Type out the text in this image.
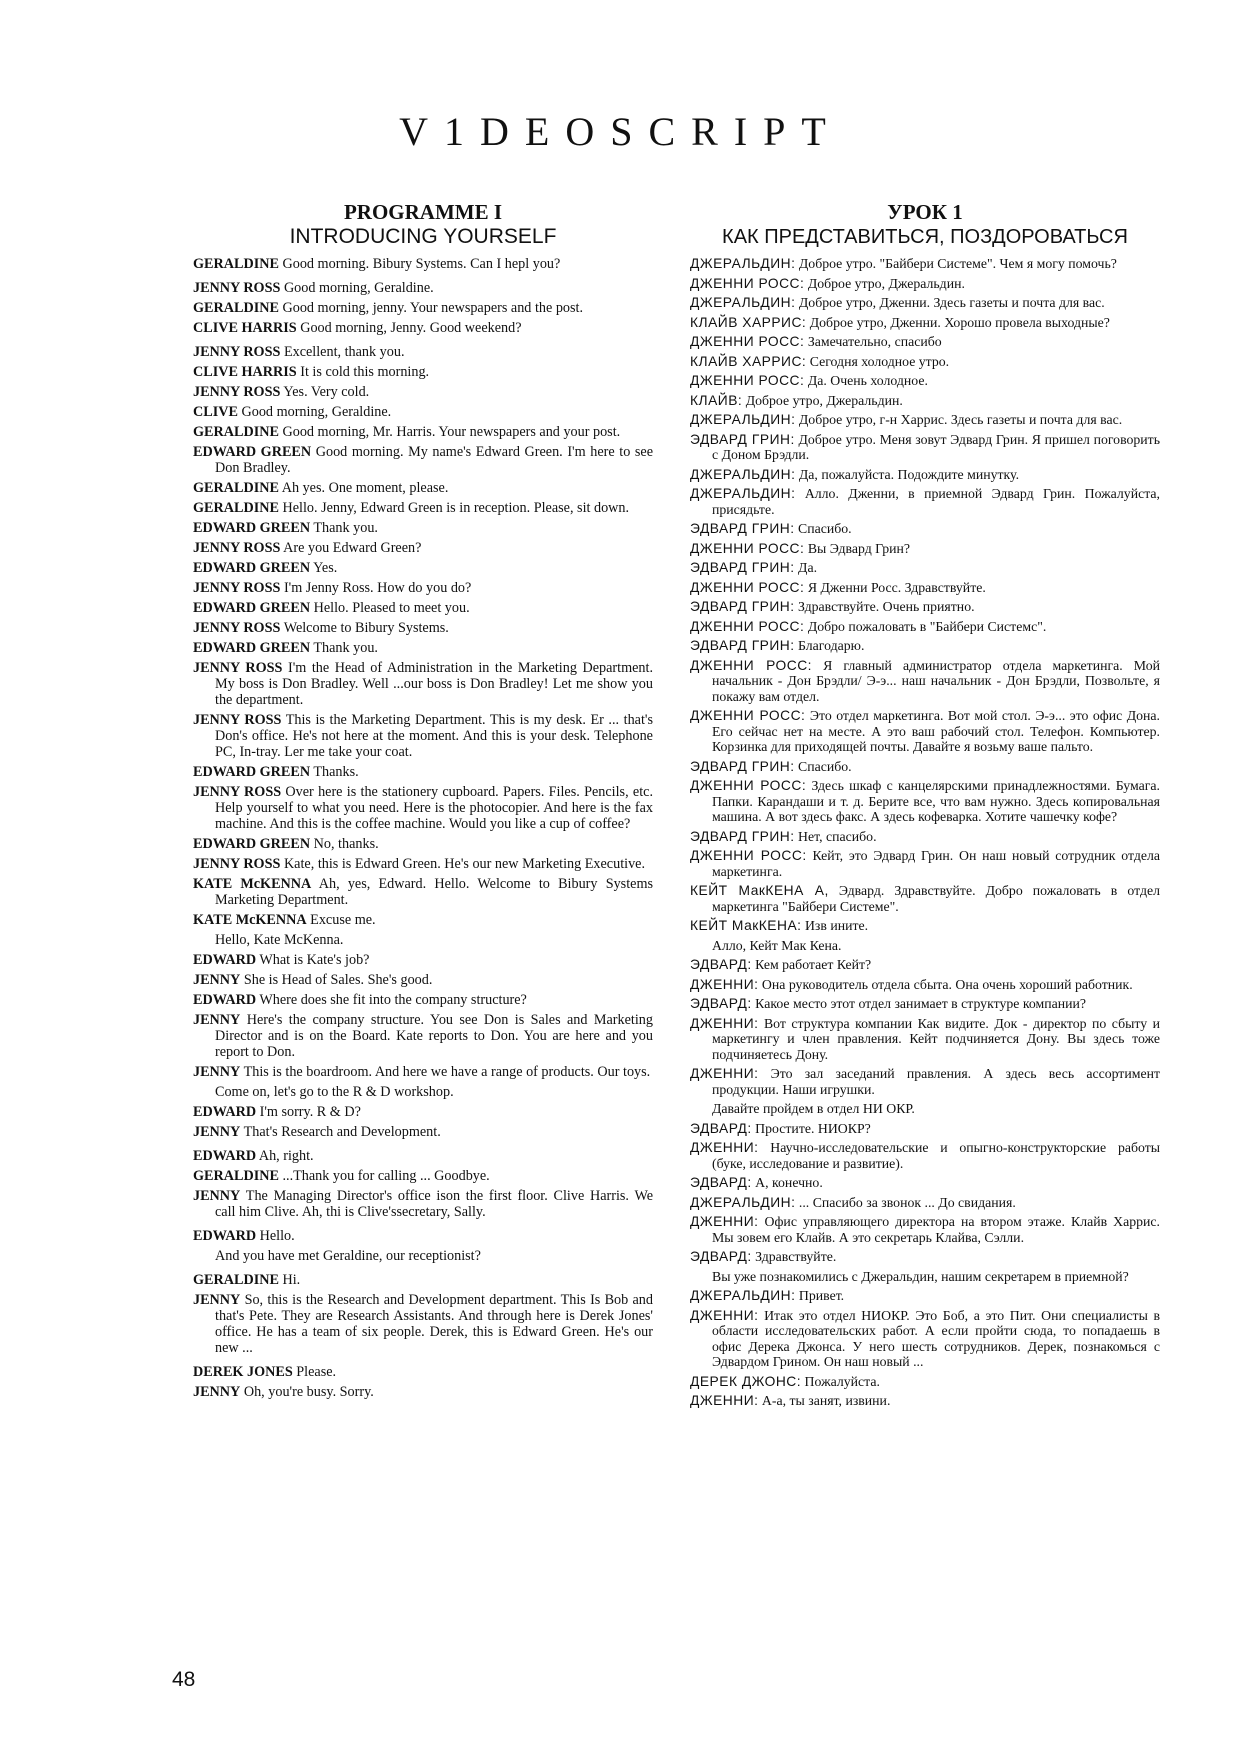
V1DEOSCRIPT
PROGRAMME I
INTRODUCING YOURSELF
GERALDINE Good morning. Bibury Systems. Can I hepl you?
JENNY ROSS Good morning, Geraldine.
GERALDINE Good morning, jenny. Your newspapers and the post.
CLIVE HARRIS Good morning, Jenny. Good weekend?
JENNY ROSS Excellent, thank you.
CLIVE HARRIS It is cold this morning.
JENNY ROSS Yes. Very cold.
CLIVE Good morning, Geraldine.
GERALDINE Good morning, Mr. Harris. Your newspapers and your post.
EDWARD GREEN Good morning. My name's Edward Green. I'm here to see Don Bradley.
GERALDINE Ah yes. One moment, please.
GERALDINE Hello. Jenny, Edward Green is in reception. Please, sit down.
EDWARD GREEN Thank you.
JENNY ROSS Are you Edward Green?
EDWARD GREEN Yes.
JENNY ROSS I'm Jenny Ross. How do you do?
EDWARD GREEN Hello. Pleased to meet you.
JENNY ROSS Welcome to Bibury Systems.
EDWARD GREEN Thank you.
JENNY ROSS I'm the Head of Administration in the Marketing Department. My boss is Don Bradley. Well ...our boss is Don Bradley! Let me show you the department.
JENNY ROSS This is the Marketing Department. This is my desk. Er ... that's Don's office. He's not here at the moment. And this is your desk. Telephone PC, In-tray. Ler me take your coat.
EDWARD GREEN Thanks.
JENNY ROSS Over here is the stationery cupboard. Papers. Files. Pencils, etc. Help yourself to what you need. Here is the photocopier. And here is the fax machine. And this is the coffee machine. Would you like a cup of coffee?
EDWARD GREEN No, thanks.
JENNY ROSS Kate, this is Edward Green. He's our new Marketing Executive.
KATE McKENNA Ah, yes, Edward. Hello. Welcome to Bibury Systems Marketing Department.
KATE McKENNA Excuse me.
Hello, Kate McKenna.
EDWARD What is Kate's job?
JENNY She is Head of Sales. She's good.
EDWARD Where does she fit into the company structure?
JENNY Here's the company structure. You see Don is Sales and Marketing Director and is on the Board. Kate reports to Don. You are here and you report to Don.
JENNY This is the boardroom. And here we have a range of products. Our toys.
Come on, let's go to the R & D workshop.
EDWARD I'm sorry. R & D?
JENNY That's Research and Development.
EDWARD Ah, right.
GERALDINE ...Thank you for calling ... Goodbye.
JENNY The Managing Director's office ison the first floor. Clive Harris. We call him Clive. Ah, thi is Clive'ssecretary, Sally.
EDWARD Hello.
And you have met Geraldine, our receptionist?
GERALDINE Hi.
JENNY So, this is the Research and Development department. This Is Bob and that's Pete. They are Research Assistants. And through here is Derek Jones' office. He has a team of six people. Derek, this is Edward Green. He's our new ...
DEREK JONES Please.
JENNY Oh, you're busy. Sorry.
УРОК 1
КАК ПРЕДСТАВИТЬСЯ, ПОЗДОРОВАТЬСЯ
ДЖЕРАЛЬДИН: Доброе утро. "Байбери Системе". Чем я могу помочь?
ДЖЕННИ РОСС: Доброе утро, Джеральдин.
ДЖЕРАЛЬДИН: Доброе утро, Дженни. Здесь газеты и почта для вас.
КЛАЙВ ХАРРИС: Доброе утро, Дженни. Хорошо провела выходные?
ДЖЕННИ РОСС: Замечательно, спасибо
КЛАЙВ ХАРРИС: Сегодня холодное утро.
ДЖЕННИ РОСС: Да. Очень холодное.
КЛАЙВ: Доброе утро, Джеральдин.
ДЖЕРАЛЬДИН: Доброе утро, г-н Харрис. Здесь газеты и почта для вас.
ЭДВАРД ГРИН: Доброе утро. Меня зовут Эдвард Грин. Я пришел поговорить с Доном Брэдли.
ДЖЕРАЛЬДИН: Да, пожалуйста. Подождите минутку.
ДЖЕРАЛЬДИН: Алло. Дженни, в приемной Эдвард Грин. Пожалуйста, присядьте.
ЭДВАРД ГРИН: Спасибо.
ДЖЕННИ РОСС: Вы Эдвард Грин?
ЭДВАРД ГРИН: Да.
ДЖЕННИ РОСС: Я Дженни Росс. Здравствуйте.
ЭДВАРД ГРИН: Здравствуйте. Очень приятно.
ДЖЕННИ РОСС: Добро пожаловать в "Байбери Системс".
ЭДВАРД ГРИН: Благодарю.
ДЖЕННИ РОСС: Я главный администратор отдела маркетинга. Мой начальник - Дон Брэдли/ Э-э... наш начальник - Дон Брэдли, Позвольте, я покажу вам отдел.
ДЖЕННИ РОСС: Это отдел маркетинга. Вот мой стол. Э-э... это офис Дона. Его сейчас нет на месте. А это ваш рабочий стол. Телефон. Компьютер. Корзинка для приходящей почты. Давайте я возьму ваше пальто.
ЭДВАРД ГРИН: Спасибо.
ДЖЕННИ РОСС: Здесь шкаф с канцелярскими принадлежностями. Бумага. Папки. Карандаши и т. д. Берите все, что вам нужно. Здесь копировальная машина. А вот здесь факс. А здесь кофеварка. Хотите чашечку кофе?
ЭДВАРД ГРИН: Нет, спасибо.
ДЖЕННИ РОСС: Кейт, это Эдвард Грин. Он наш новый сотрудник отдела маркетинга.
КЕЙТ МакКЕНА А, Эдвард. Здравствуйте. Добро пожаловать в отдел маркетинга "Байбери Системе".
КЕЙТ МакКЕНА: Изв ините.
Алло, Кейт Мак Кена.
ЭДВАРД: Кем работает Кейт?
ДЖЕННИ: Она руководитель отдела сбыта. Она очень хороший работник.
ЭДВАРД: Какое место этот отдел занимает в структуре компании?
ДЖЕННИ: Вот структура компании Как видите. Док - директор по сбыту и маркетингу и член правления. Кейт подчиняется Дону. Вы здесь тоже подчиняетесь Дону.
ДЖЕННИ: Это зал заседаний правления. А здесь весь ассортимент продукции. Наши игрушки.
Давайте пройдем в отдел НИ ОКР.
ЭДВАРД: Простите. НИОКР?
ДЖЕННИ: Научно-исследовательские и опыгно-конструкторские работы (буке, исследование и развитие).
ЭДВАРД: А, конечно.
ДЖЕРАЛЬДИН: ... Спасибо за звонок ... До свидания.
ДЖЕННИ: Офис управляющего директора на втором этаже. Клайв Харрис. Мы зовем его Клайв. А это секретарь Клайва, Сэлли.
ЭДВАРД: Здравствуйте.
Вы уже познакомились с Джеральдин, нашим секретарем в приемной?
ДЖЕРАЛЬДИН: Привет.
ДЖЕННИ: Итак это отдел НИОКР. Это Боб, а это Пит. Они специалисты в области исследовательских работ. А если пройти сюда, то попадаешь в офис Дерека Джонса. У него шесть сотрудников. Дерек, познакомься с Эдвардом Грином. Он наш новый ...
ДЕРЕК ДЖОНС: Пожалуйста.
ДЖЕННИ: А-а, ты занят, извини.
48
